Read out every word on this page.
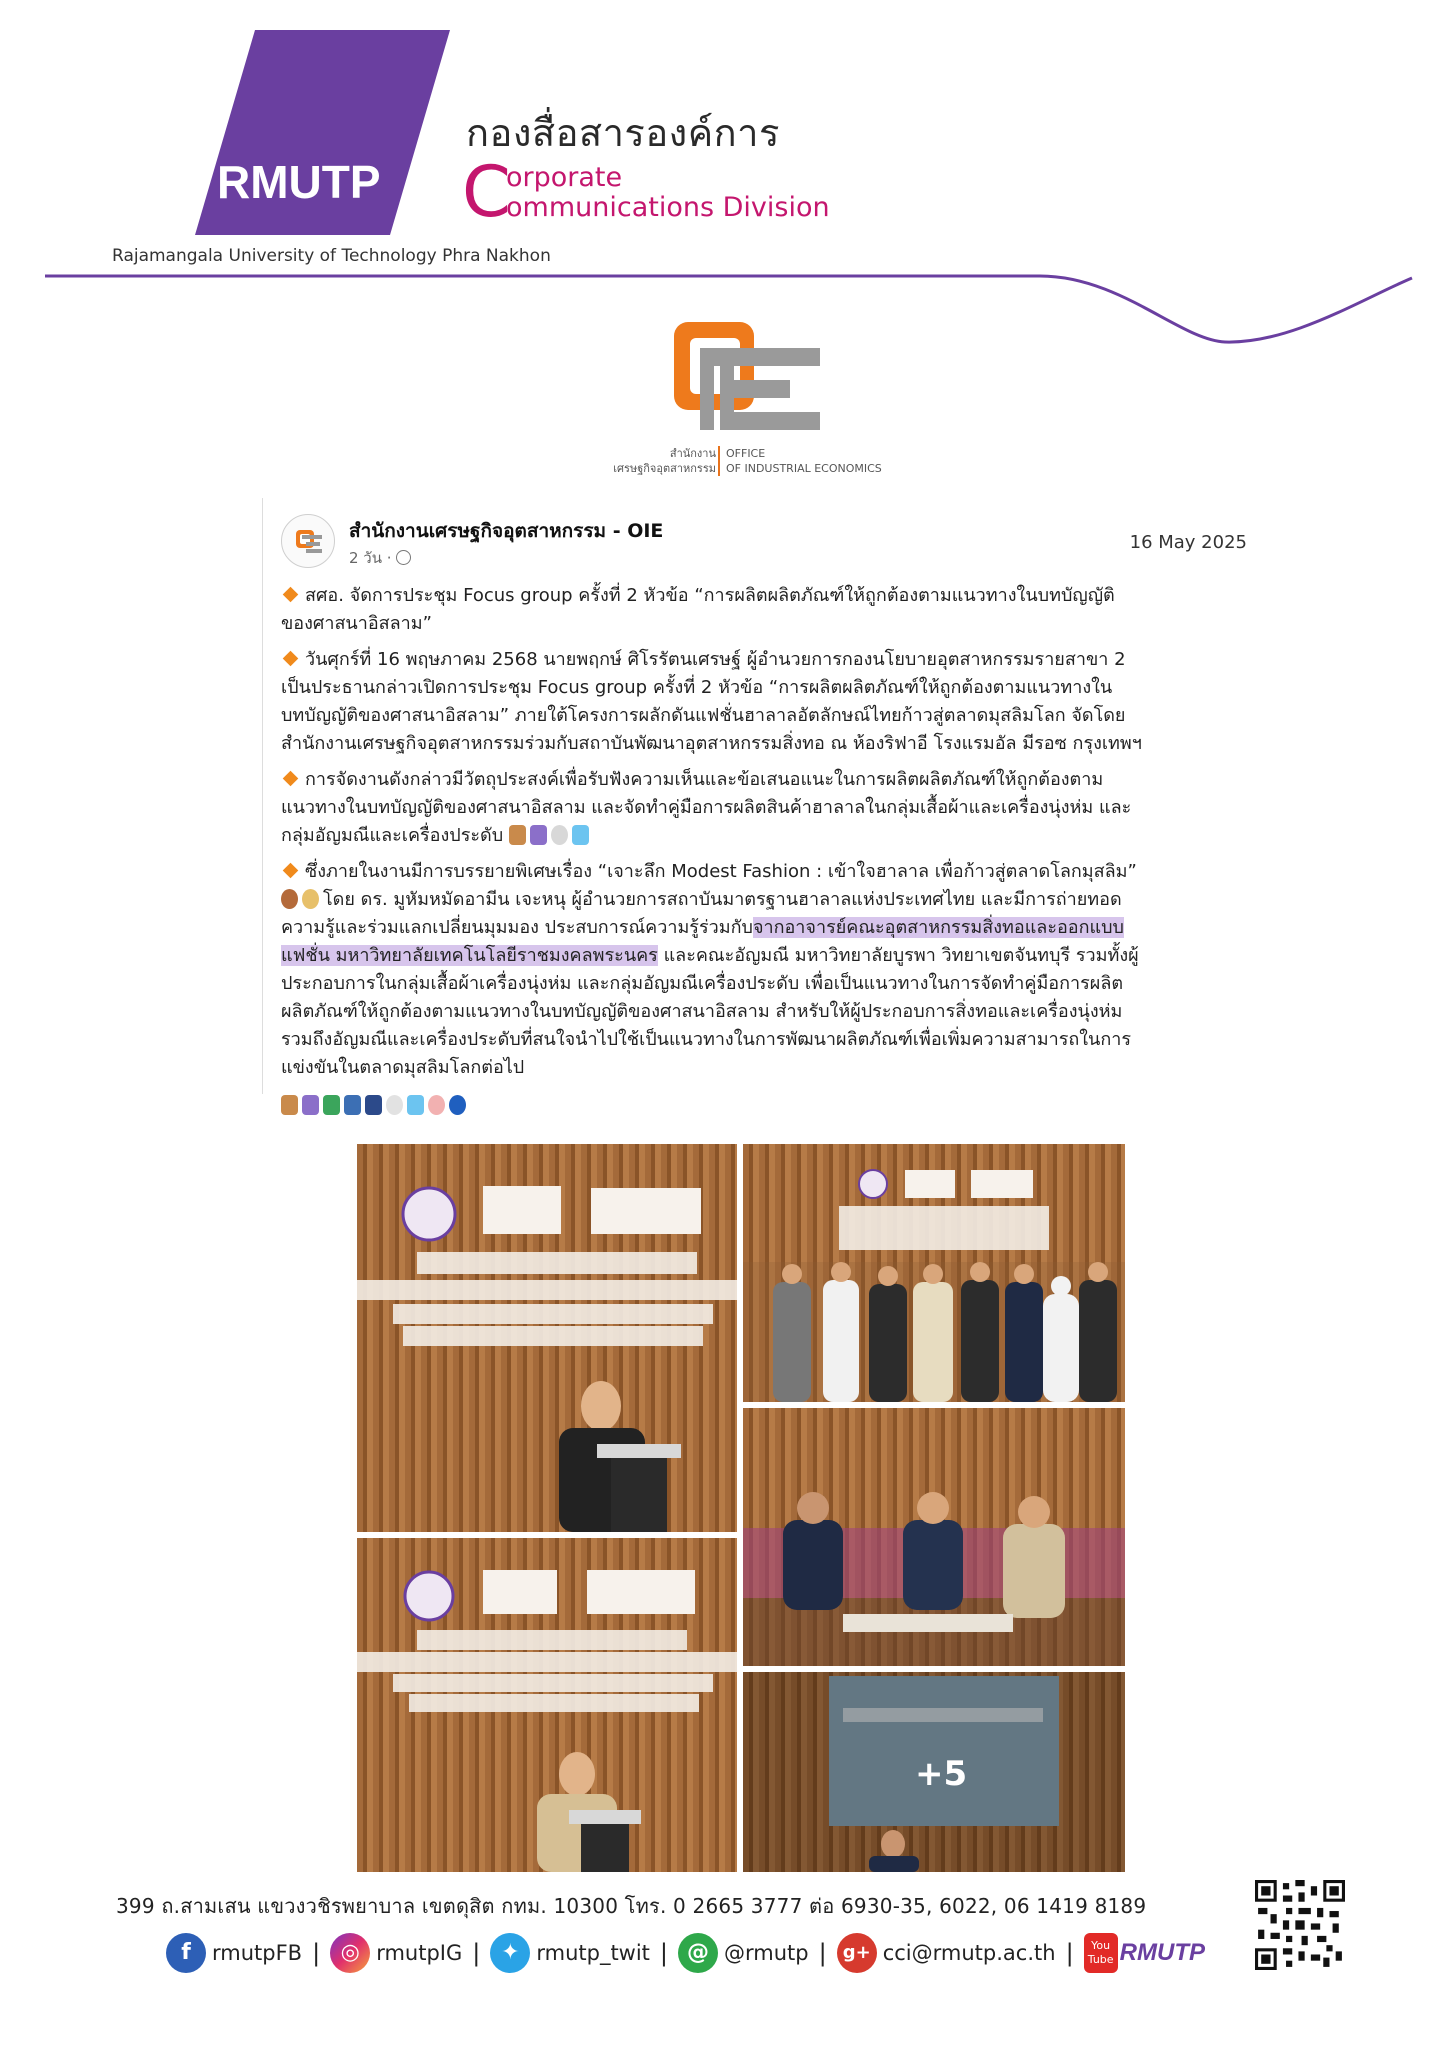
RMUTP
กองสื่อสารองค์การ
C
orporate
ommunications Division
Rajamangala University of Technology Phra Nakhon
สำนักงาน
เศรษฐกิจอุตสาหกรรม
OFFICE
OF INDUSTRIAL ECONOMICS
สำนักงานเศรษฐกิจอุตสาหกรรม - OIE
2 วัน ·
16 May 2025
สศอ. จัดการประชุม Focus group ครั้งที่ 2 หัวข้อ “การผลิตผลิตภัณฑ์ให้ถูกต้องตามแนวทางในบทบัญญัติ
ของศาสนาอิสลาม”
วันศุกร์ที่ 16 พฤษภาคม 2568 นายพฤกษ์ ศิโรรัตนเศรษฐ์ ผู้อำนวยการกองนโยบายอุตสาหกรรมรายสาขา 2
เป็นประธานกล่าวเปิดการประชุม Focus group ครั้งที่ 2 หัวข้อ “การผลิตผลิตภัณฑ์ให้ถูกต้องตามแนวทางใน
บทบัญญัติของศาสนาอิสลาม” ภายใต้โครงการผลักดันแฟชั่นฮาลาลอัตลักษณ์ไทยก้าวสู่ตลาดมุสลิมโลก จัดโดย
สำนักงานเศรษฐกิจอุตสาหกรรมร่วมกับสถาบันพัฒนาอุตสาหกรรมสิ่งทอ ณ ห้องริฟาอี โรงแรมอัล มีรอซ กรุงเทพฯ
การจัดงานดังกล่าวมีวัตถุประสงค์เพื่อรับฟังความเห็นและข้อเสนอแนะในการผลิตผลิตภัณฑ์ให้ถูกต้องตาม
แนวทางในบทบัญญัติของศาสนาอิสลาม และจัดทำคู่มือการผลิตสินค้าฮาลาลในกลุ่มเสื้อผ้าและเครื่องนุ่งห่ม และ
กลุ่มอัญมณีและเครื่องประดับ
ซึ่งภายในงานมีการบรรยายพิเศษเรื่อง “เจาะลึก Modest Fashion : เข้าใจฮาลาล เพื่อก้าวสู่ตลาดโลกมุสลิม”
โดย ดร. มูหัมหมัดอามีน เจะหนุ ผู้อำนวยการสถาบันมาตรฐานฮาลาลแห่งประเทศไทย และมีการถ่ายทอด
ความรู้และร่วมแลกเปลี่ยนมุมมอง ประสบการณ์ความรู้ร่วมกับจากอาจารย์คณะอุตสาหกรรมสิ่งทอและออกแบบ
แฟชั่น มหาวิทยาลัยเทคโนโลยีราชมงคลพระนคร และคณะอัญมณี มหาวิทยาลัยบูรพา วิทยาเขตจันทบุรี รวมทั้งผู้
ประกอบการในกลุ่มเสื้อผ้าเครื่องนุ่งห่ม และกลุ่มอัญมณีเครื่องประดับ เพื่อเป็นแนวทางในการจัดทำคู่มือการผลิต
ผลิตภัณฑ์ให้ถูกต้องตามแนวทางในบทบัญญัติของศาสนาอิสลาม สำหรับให้ผู้ประกอบการสิ่งทอและเครื่องนุ่งห่ม
รวมถึงอัญมณีและเครื่องประดับที่สนใจนำไปใช้เป็นแนวทางในการพัฒนาผลิตภัณฑ์เพื่อเพิ่มความสามารถในการ
แข่งขันในตลาดมุสลิมโลกต่อไป
+5
399 ถ.สามเสน แขวงวชิรพยาบาล เขตดุสิต กทม. 10300 โทร. 0 2665 3777 ต่อ 6930-35, 6022, 06 1419 8189
f	rmutpFB | ◎ rmutpIG | ✦ rmutp_twit | @ @rmutp | g+ cci@rmutp.ac.th |	You
Tube RMUTP
